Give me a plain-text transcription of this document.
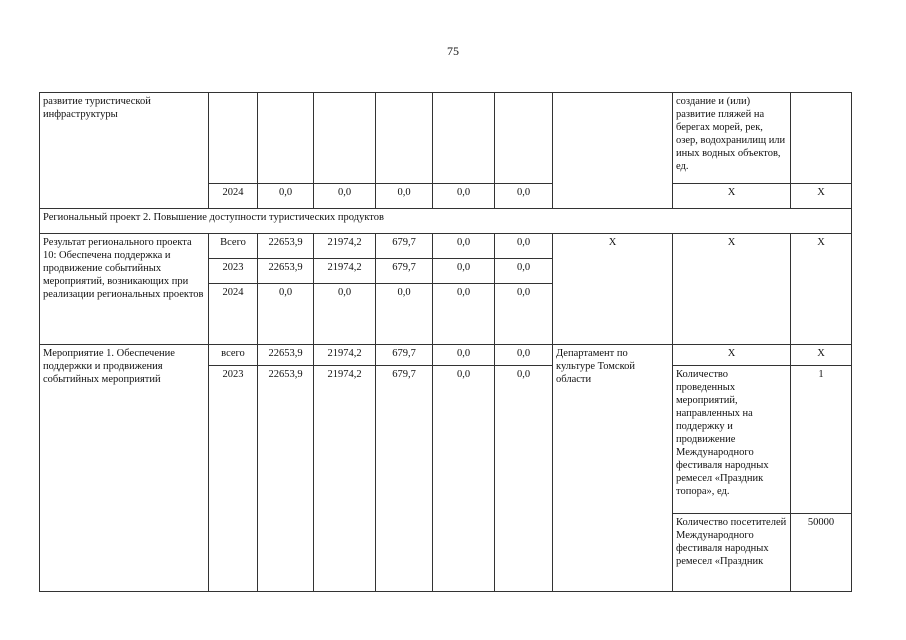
75
развитие туристической инфраструктуры								создание и (или) развитие пляжей на берегах морей, рек, озер, водохранилищ или иных водных объектов, ед.	
	2024	0,0	0,0	0,0	0,0	0,0		Х	Х
Региональный проект 2. Повышение доступности туристических продуктов									
Результат регионального проекта 10: Обеспечена поддержка и продвижение событийных мероприятий, возникающих при реализации региональных проектов	Всего	22653,9	21974,2	679,7	0,0	0,0	Х	Х	Х
	2023	22653,9	21974,2	679,7	0,0	0,0			
	2024	0,0	0,0	0,0	0,0	0,0			
Мероприятие 1. Обеспечение поддержки и продвижения событийных мероприятий	всего	22653,9	21974,2	679,7	0,0	0,0	Департамент по культуре Томской области	Х	Х
	2023	22653,9	21974,2	679,7	0,0	0,0		Количество проведенных мероприятий, направленных на поддержку и продвижение Международного фестиваля народных ремесел «Праздник топора», ед.	1
								Количество посетителей Международного фестиваля народных ремесел «Праздник	50000
